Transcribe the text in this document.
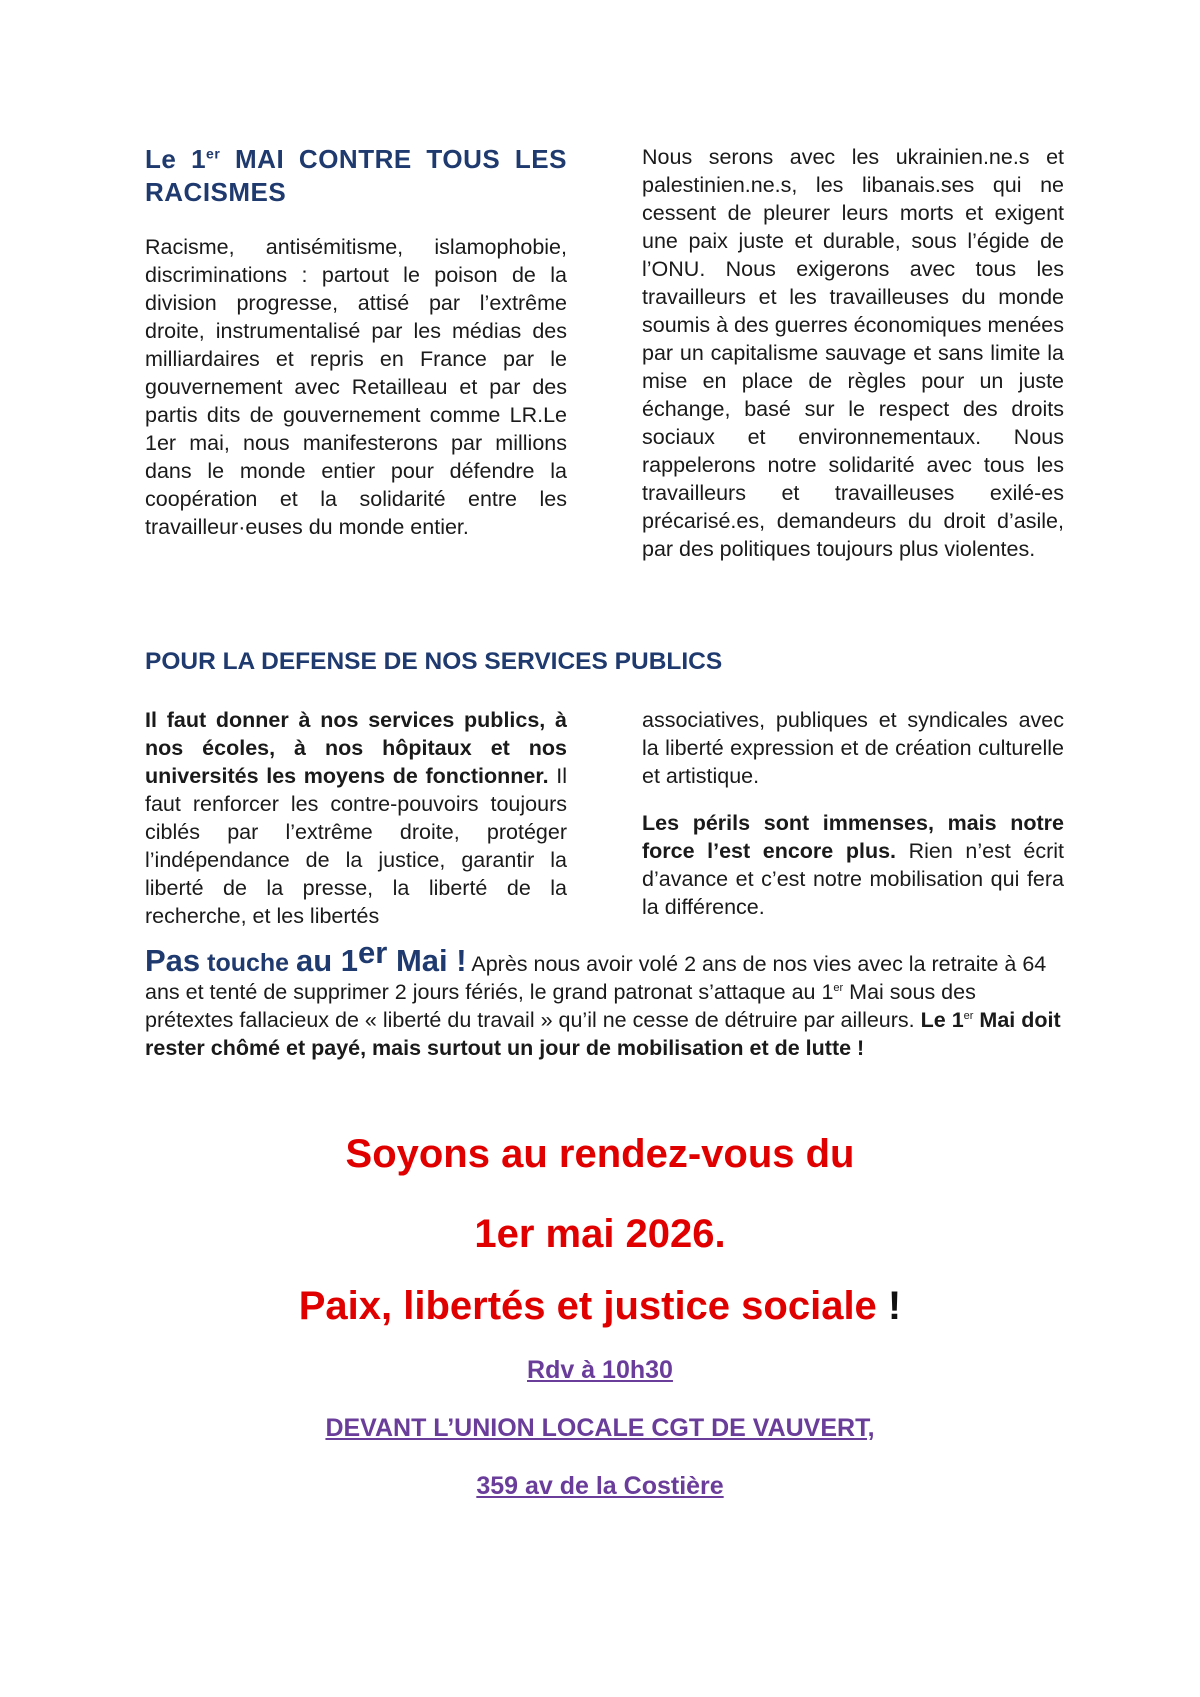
Le 1er MAI CONTRE TOUS LES RACISMES

Racisme, antisémitisme, islamophobie, discriminations : partout le poison de la division progresse, attisé par l’extrême droite, instrumentalisé par les médias des milliardaires et repris en France par le gouvernement avec Retailleau et par des partis dits de gouvernement comme LR.Le 1er mai, nous manifesterons par millions dans le monde entier pour défendre la coopération et la solidarité entre les travailleur·euses du monde entier.

Nous serons avec les ukrainien.ne.s et palestinien.ne.s, les libanais.ses qui ne cessent de pleurer leurs morts et exigent une paix juste et durable, sous l’égide de l’ONU. Nous exigerons avec tous les travailleurs et les travailleuses du monde soumis à des guerres économiques menées par un capitalisme sauvage et sans limite la mise en place de règles pour un juste échange, basé sur le respect des droits sociaux et environnementaux. Nous rappelerons notre solidarité avec tous les travailleurs et travailleuses exilé-es précarisé.es, demandeurs du droit d’asile, par des politiques toujours plus violentes.

POUR LA DEFENSE DE NOS SERVICES PUBLICS

Il faut donner à nos services publics, à nos écoles, à nos hôpitaux et nos universités les moyens de fonctionner. Il faut renforcer les contre-pouvoirs toujours ciblés par l’extrême droite, protéger l’indépendance de la justice, garantir la liberté de la presse, la liberté de la recherche, et les libertés

associatives, publiques et syndicales avec la liberté expression et de création culturelle et artistique.

Les périls sont immenses, mais notre force l’est encore plus. Rien n’est écrit d’avance et c’est notre mobilisation qui fera la différence.

Pas touche au 1er Mai ! Après nous avoir volé 2 ans de nos vies avec la retraite à 64 ans et tenté de supprimer 2 jours fériés, le grand patronat s’attaque au 1er Mai sous des prétextes fallacieux de « liberté du travail » qu’il ne cesse de détruire par ailleurs. Le 1er Mai doit rester chômé et payé, mais surtout un jour de mobilisation et de lutte !
Soyons au rendez-vous du
1er mai 2026.
Paix, libertés et justice sociale !
Rdv à 10h30
DEVANT L’UNION LOCALE CGT DE VAUVERT,
359 av de la Costière
